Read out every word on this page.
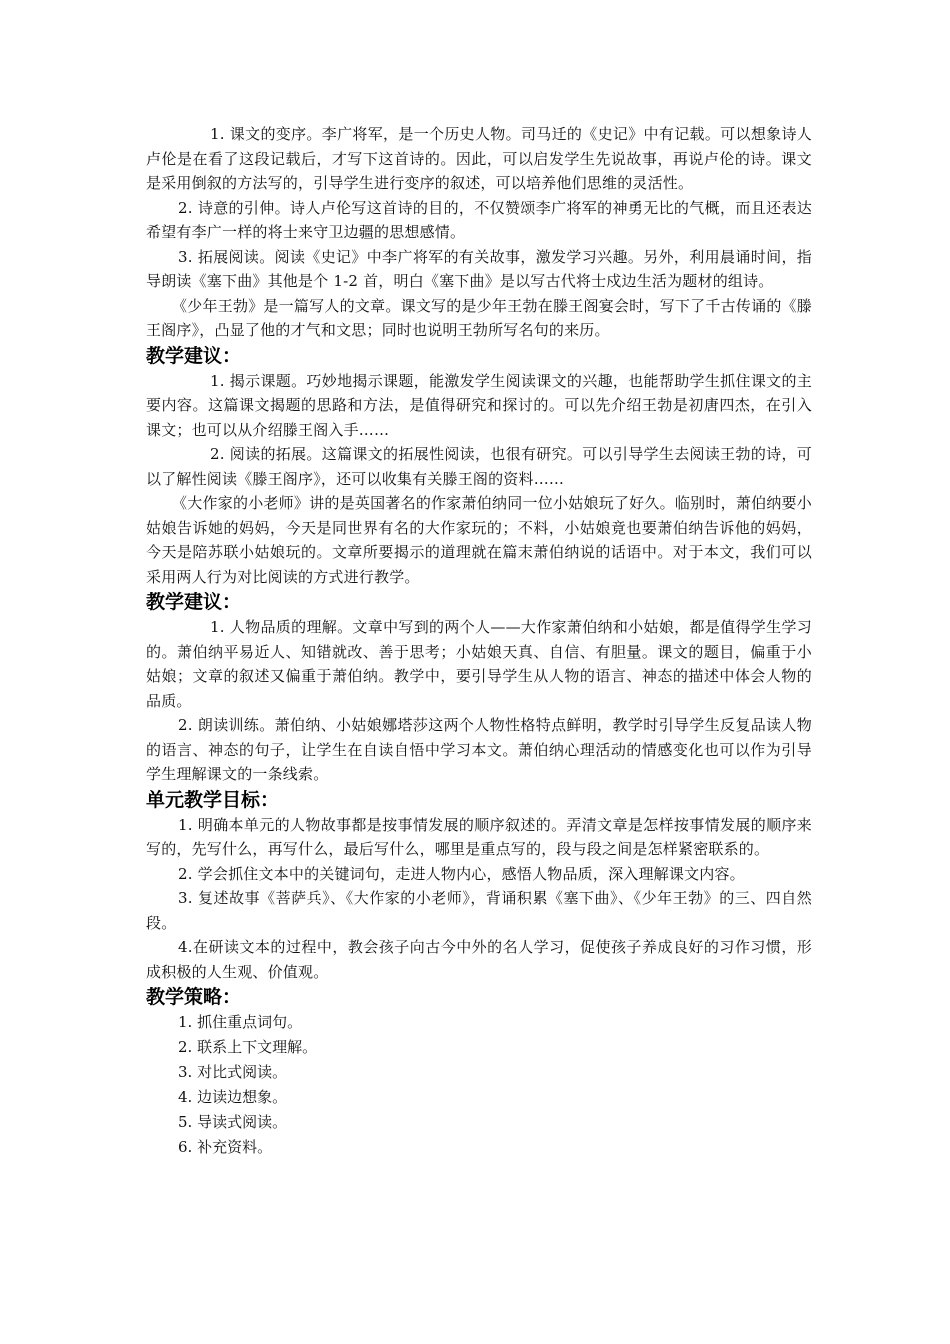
1. 课文的变序。李广将军，是一个历史人物。司马迁的《史记》中有记载。可以想象诗人卢伦是在看了这段记载后，才写下这首诗的。因此，可以启发学生先说故事，再说卢伦的诗。课文是采用倒叙的方法写的，引导学生进行变序的叙述，可以培养他们思维的灵活性。

2. 诗意的引伸。诗人卢伦写这首诗的目的，不仅赞颂李广将军的神勇无比的气概，而且还表达希望有李广一样的将士来守卫边疆的思想感情。

3. 拓展阅读。阅读《史记》中李广将军的有关故事，激发学习兴趣。另外，利用晨诵时间，指导朗读《塞下曲》其他是个 1-2 首，明白《塞下曲》是以写古代将士戍边生活为题材的组诗。

《少年王勃》是一篇写人的文章。课文写的是少年王勃在滕王阁宴会时，写下了千古传诵的《滕王阁序》，凸显了他的才气和文思；同时也说明王勃所写名句的来历。

教学建议：

1. 揭示课题。巧妙地揭示课题，能激发学生阅读课文的兴趣，也能帮助学生抓住课文的主要内容。这篇课文揭题的思路和方法，是值得研究和探讨的。可以先介绍王勃是初唐四杰，在引入课文；也可以从介绍滕王阁入手……

2. 阅读的拓展。这篇课文的拓展性阅读，也很有研究。可以引导学生去阅读王勃的诗，可以了解性阅读《滕王阁序》，还可以收集有关滕王阁的资料……

《大作家的小老师》讲的是英国著名的作家萧伯纳同一位小姑娘玩了好久。临别时，萧伯纳要小姑娘告诉她的妈妈，今天是同世界有名的大作家玩的；不料，小姑娘竟也要萧伯纳告诉他的妈妈，今天是陪苏联小姑娘玩的。文章所要揭示的道理就在篇末萧伯纳说的话语中。对于本文，我们可以采用两人行为对比阅读的方式进行教学。

教学建议：

1. 人物品质的理解。文章中写到的两个人——大作家萧伯纳和小姑娘，都是值得学生学习的。萧伯纳平易近人、知错就改、善于思考；小姑娘天真、自信、有胆量。课文的题目，偏重于小姑娘；文章的叙述又偏重于萧伯纳。教学中，要引导学生从人物的语言、神态的描述中体会人物的品质。

2. 朗读训练。萧伯纳、小姑娘娜塔莎这两个人物性格特点鲜明，教学时引导学生反复品读人物的语言、神态的句子，让学生在自读自悟中学习本文。萧伯纳心理活动的情感变化也可以作为引导学生理解课文的一条线索。

单元教学目标：

1. 明确本单元的人物故事都是按事情发展的顺序叙述的。弄清文章是怎样按事情发展的顺序来写的，先写什么，再写什么，最后写什么，哪里是重点写的，段与段之间是怎样紧密联系的。

2. 学会抓住文本中的关键词句，走进人物内心，感悟人物品质，深入理解课文内容。

3. 复述故事《菩萨兵》、《大作家的小老师》，背诵积累《塞下曲》、《少年王勃》的三、四自然段。

4.在研读文本的过程中，教会孩子向古今中外的名人学习，促使孩子养成良好的习作习惯，形成积极的人生观、价值观。

教学策略：

1. 抓住重点词句。

2. 联系上下文理解。

3. 对比式阅读。

4. 边读边想象。

5. 导读式阅读。

6. 补充资料。
